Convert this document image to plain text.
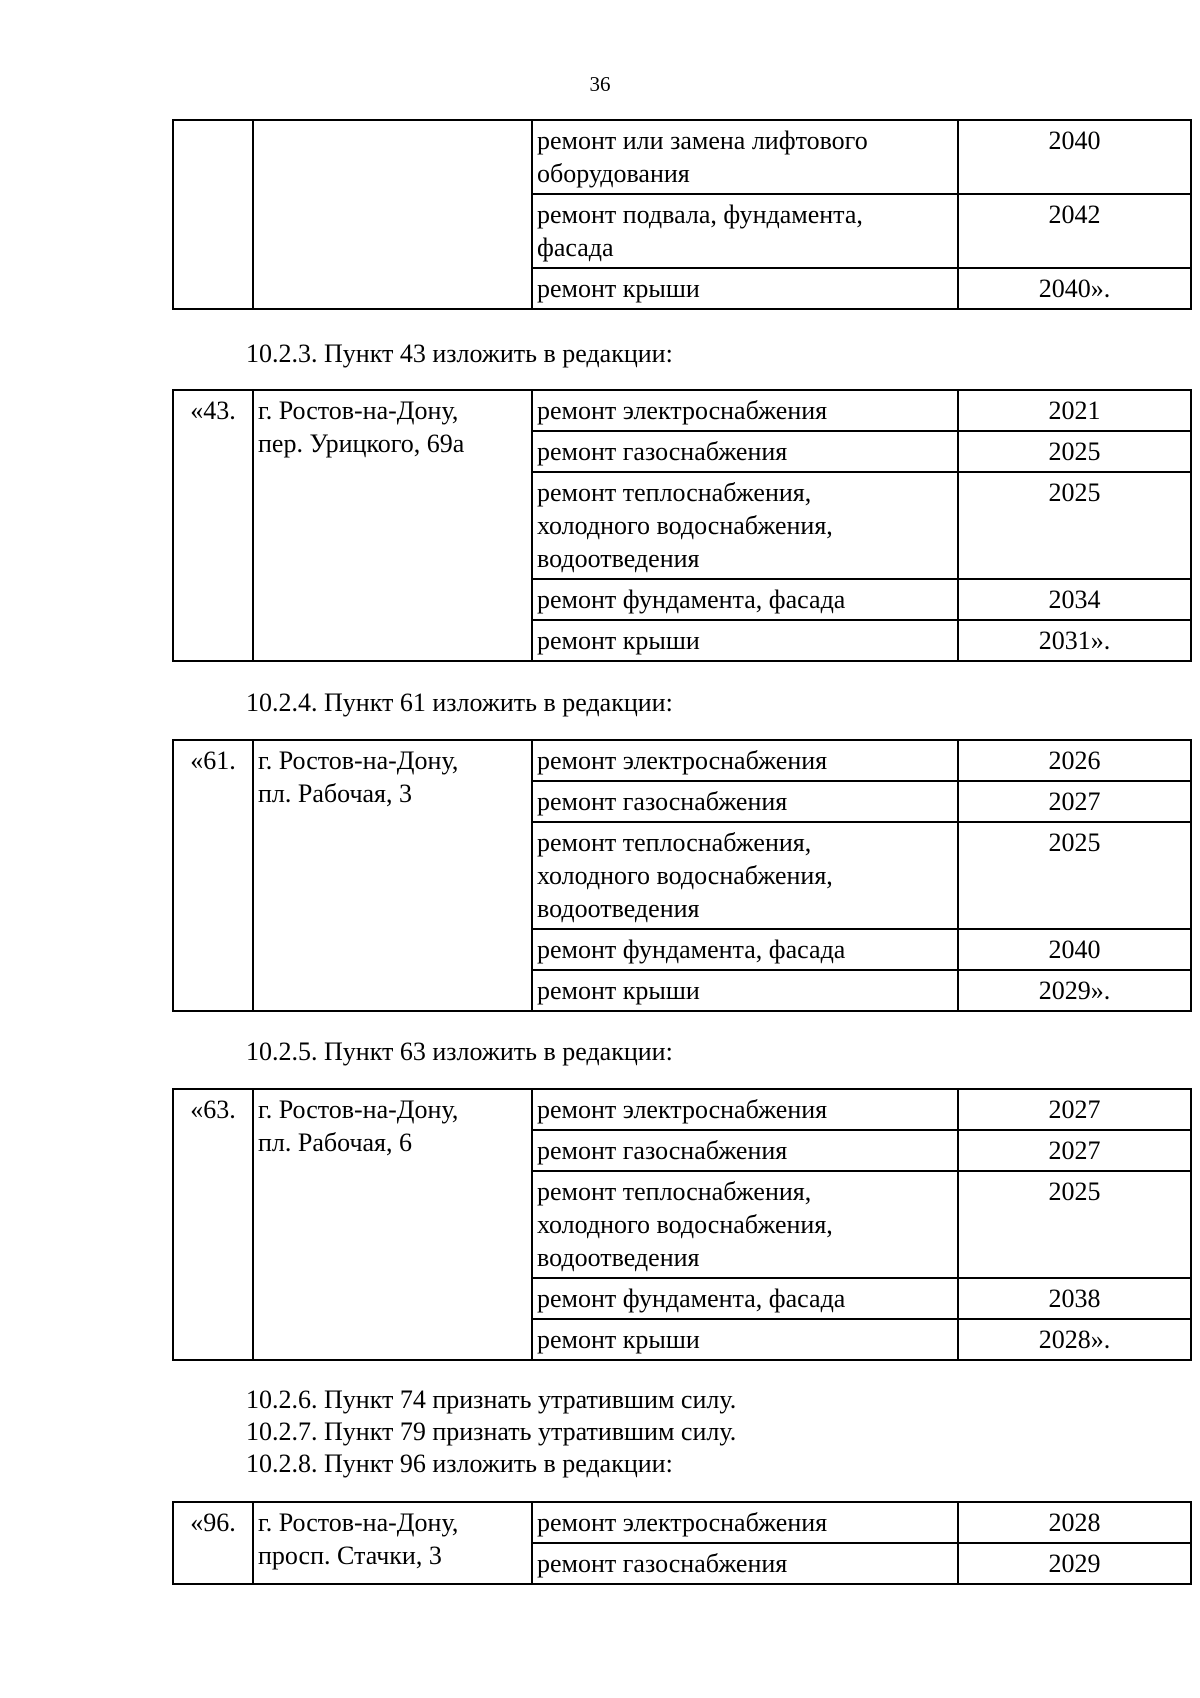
36
		ремонт или замена лифтового
оборудования	2040
		ремонт подвала, фундамента,
фасада	2042
		ремонт крыши	2040».
10.2.3. Пункт 43 изложить в редакции:
«43.	г. Ростов-на-Дону,
пер. Урицкого, 69а	ремонт электроснабжения	2021
		ремонт газоснабжения	2025
		ремонт теплоснабжения,
холодного водоснабжения,
водоотведения	2025
		ремонт фундамента, фасада	2034
		ремонт крыши	2031».
10.2.4. Пункт 61 изложить в редакции:
«61.	г. Ростов-на-Дону,
пл. Рабочая, 3	ремонт электроснабжения	2026
		ремонт газоснабжения	2027
		ремонт теплоснабжения,
холодного водоснабжения,
водоотведения	2025
		ремонт фундамента, фасада	2040
		ремонт крыши	2029».
10.2.5. Пункт 63 изложить в редакции:
«63.	г. Ростов-на-Дону,
пл. Рабочая, 6	ремонт электроснабжения	2027
		ремонт газоснабжения	2027
		ремонт теплоснабжения,
холодного водоснабжения,
водоотведения	2025
		ремонт фундамента, фасада	2038
		ремонт крыши	2028».
10.2.6. Пункт 74 признать утратившим силу.
10.2.7. Пункт 79 признать утратившим силу.
10.2.8. Пункт 96 изложить в редакции:
«96.	г. Ростов-на-Дону,
просп. Стачки, 3	ремонт электроснабжения	2028
		ремонт газоснабжения	2029
